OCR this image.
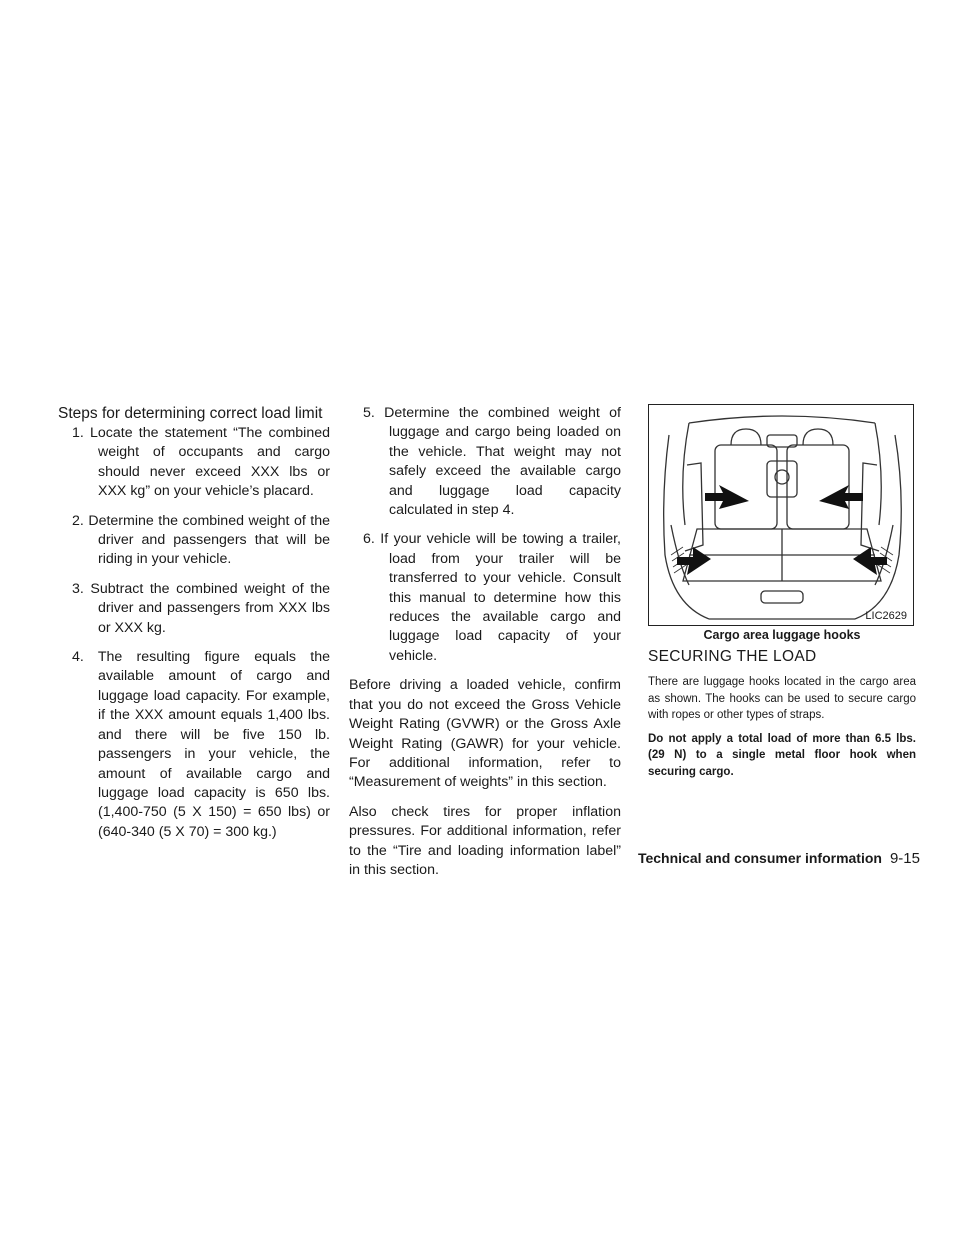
Steps for determining correct load limit
1. Locate the statement “The combined weight of occupants and cargo should never exceed XXX lbs or XXX kg” on your vehicle’s placard.
2. Determine the combined weight of the driver and passengers that will be riding in your vehicle.
3. Subtract the combined weight of the driver and passengers from XXX lbs or XXX kg.
4. The resulting figure equals the available amount of cargo and luggage load capacity. For example, if the XXX amount equals 1,400 lbs. and there will be five 150 lb. passengers in your vehicle, the amount of available cargo and luggage load capacity is 650 lbs. (1,400-750 (5 X 150) = 650 lbs) or (640-340 (5 X 70) = 300 kg.)
5. Determine the combined weight of luggage and cargo being loaded on the vehicle. That weight may not safely exceed the available cargo and luggage load capacity calculated in step 4.
6. If your vehicle will be towing a trailer, load from your trailer will be transferred to your vehicle. Consult this manual to determine how this reduces the available cargo and luggage load capacity of your vehicle.

Before driving a loaded vehicle, confirm that you do not exceed the Gross Vehicle Weight Rating (GVWR) or the Gross Axle Weight Rating (GAWR) for your vehicle. For additional information, refer to “Measurement of weights” in this section.

Also check tires for proper inflation pressures. For additional information, refer to the “Tire and loading information label” in this section.

LIC2629
Cargo area luggage hooks
SECURING THE LOAD

There are luggage hooks located in the cargo area as shown. The hooks can be used to secure cargo with ropes or other types of straps.

Do not apply a total load of more than 6.5 lbs. (29 N) to a single metal floor hook when securing cargo.

Technical and consumer information 9-15
